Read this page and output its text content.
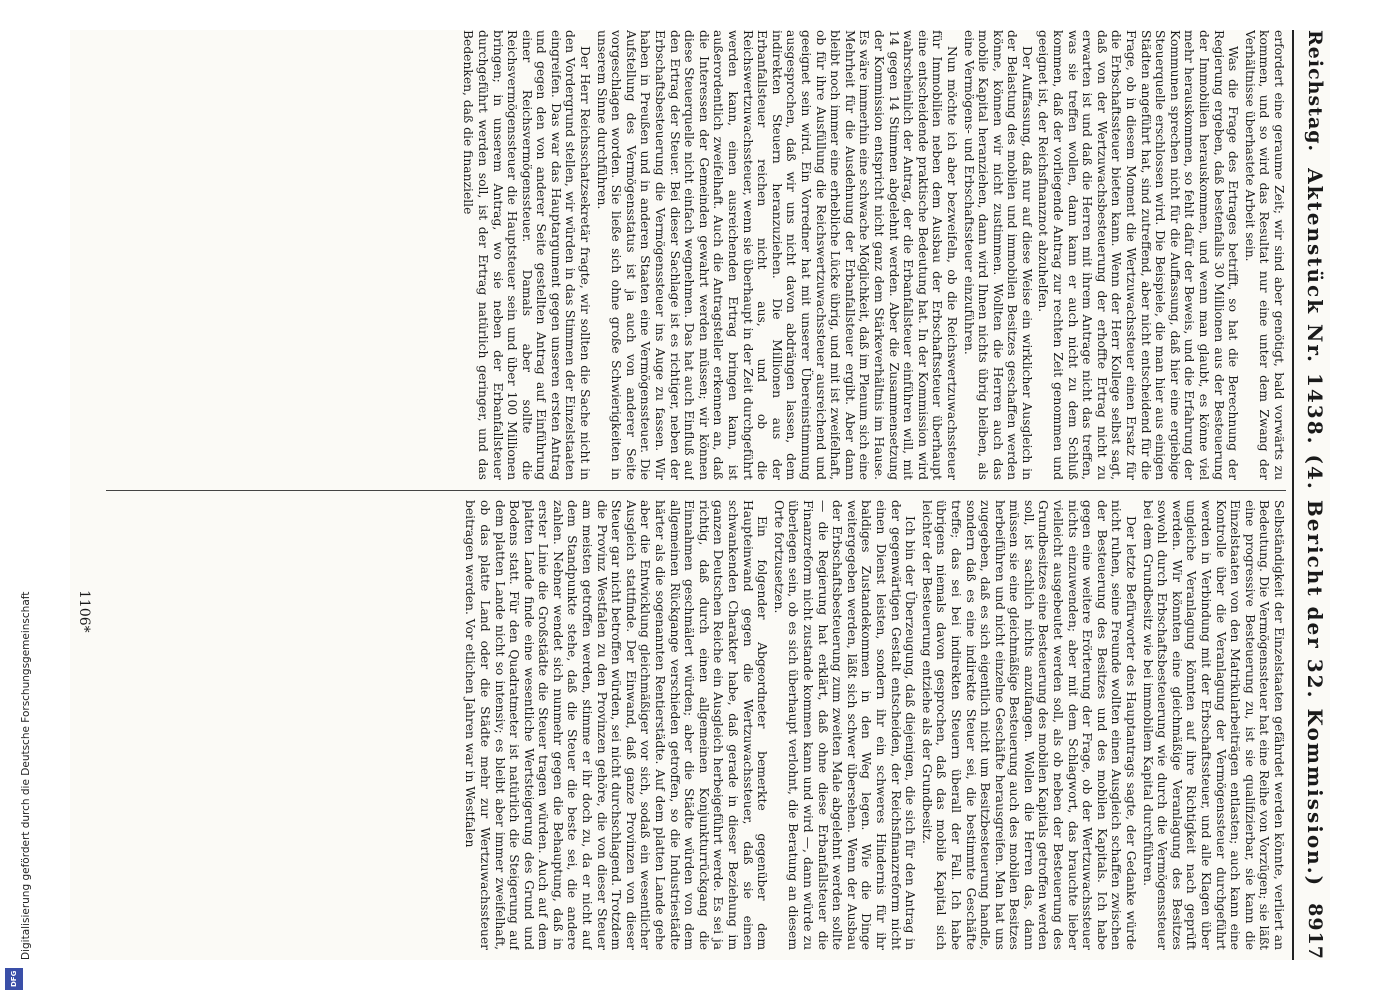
Digitalisierung gefördert durch die Deutsche Forschungsgemeinschaft
DFG
Reichstag.
Aktenstück Nr. 1438. (4. Bericht der 32. Kommission.)
8917

erfordert eine geraume Zeit; wir sind aber genötigt, bald vorwärts zu kommen, und so wird das Resultat nur eine unter dem Zwang der Verhältnisse überhastete Arbeit sein.

Was die Frage des Ertrages betrifft, so hat die Berechnung der Regierung ergeben, daß bestenfalls 30 Millionen aus der Besteuerung der Immobilien herauskommen, und wenn man glaubt, es könne viel mehr herauskommen, so fehlt dafür der Beweis, und die Erfahrung der Kommunen sprechen nicht für die Auffassung, daß hier eine ergiebige Steuerquelle erschlossen wird. Die Beispiele, die man hier aus einigen Städten angeführt hat, sind zutreffend, aber nicht entscheidend für die Frage, ob in diesem Moment die Wertzuwachssteuer einen Ersatz für die Erbschaftssteuer bieten kann. Wenn der Herr Kollege selbst sagt, daß von der Wertzuwachsbesteuerung der erhoffte Ertrag nicht zu erwarten ist und daß die Herren mit ihrem Antrage nicht das treffen, was sie treffen wollen, dann kann er auch nicht zu dem Schluß kommen, daß der vorliegende Antrag zur rechten Zeit genommen und geeignet ist, der Reichsfinanznot abzuhelfen.

Der Auffassung, daß nur auf diese Weise ein wirklicher Ausgleich in der Belastung des mobilen und immobilen Besitzes geschaffen werden könne, können wir nicht zustimmen. Wollten die Herren auch das mobile Kapital heranziehen, dann wird Ihnen nichts übrig bleiben, als eine Vermögens- und Erbschaftssteuer einzuführen.

Nun möchte ich aber bezweifeln, ob die Reichswertzuwachssteuer für Immobilien neben dem Ausbau der Erbschaftssteuer überhaupt eine entscheidende praktische Bedeutung hat. In der Kommission wird wahrscheinlich der Antrag, der die Erbanfallsteuer einführen will, mit 14 gegen 14 Stimmen abgelehnt werden. Aber die Zusammensetzung der Kommission entspricht nicht ganz dem Stärkeverhältnis im Hause. Es wäre immerhin eine schwache Möglichkeit, daß im Plenum sich eine Mehrheit für die Ausdehnung der Erbanfallsteuer ergibt. Aber dann bleibt noch immer eine erhebliche Lücke übrig, und mit ist zweifelhaft, ob für ihre Ausfüllung die Reichswertzuwachssteuer ausreichend und geeignet sein wird. Ein Vorredner hat mit unserer Übereinstimmung ausgesprochen, daß wir uns nicht davon abdrängen lassen, dem indirekten Steuern heranzuziehen. Die Millionen aus der Erbanfallsteuer reichen nicht aus, und ob die Reichswertzuwachssteuer, wenn sie überhaupt in der Zeit durchgeführt werden kann, einen ausreichenden Ertrag bringen kann, ist außerordentlich zweifelhaft. Auch die Antragsteller erkennen an, daß die Interessen der Gemeinden gewahrt werden müssen; wir können diese Steuerquelle nicht einfach wegnehmen. Das hat auch Einfluß auf den Ertrag der Steuer. Bei dieser Sachlage ist es richtiger, neben der Erbschaftsbesteuerung die Vermögenssteuer ins Auge zu fassen. Wir haben in Preußen und in anderen Staaten eine Vermögenssteuer. Die Aufstellung des Vermögensstatus ist ja auch von anderer Seite vorgeschlagen worden. Sie ließe sich ohne große Schwierigkeiten in unserem Sinne durchführen.

Der Herr Reichsschatzsekretär fragte, wir sollten die Sache nicht in den Vordergrund stellen, wir würden in das Stimmen der Einzelstaaten eingreifen. Das war das Hauptargument gegen unseren ersten Antrag und gegen den von anderer Seite gestellten Antrag auf Einführung einer Reichsvermögenssteuer. Damals aber sollte die Reichsvermögenssteuer die Hauptsteuer sein und über 100 Millionen bringen; in unserem Antrag, wo sie neben der Erbanfallsteuer durchgeführt werden soll, ist der Ertrag natürlich geringer, und das Bedenken, daß die finanzielle

Selbständigkeit der Einzelstaaten gefährdet werden könnte, verliert an Bedeutung. Die Vermögenssteuer hat eine Reihe von Vorzügen; sie läßt eine progressive Besteuerung zu, ist sie qualifizierbar, sie kann die Einzelstaaten von den Matrikularbeiträgen entlasten; auch kann eine Kontrolle über die Veranlagung der Vermögenssteuer durchgeführt werden in Verbindung mit der Erbschaftssteuer, und alle Klagen über ungleiche Veranlagung könnten auf ihre Richtigkeit nach geprüft werden. Wir könnten eine gleichmäßige Veranlagung des Besitzes sowohl durch Erbschaftsbesteuerung wie durch die Vermögenssteuer bei dem Grundbesitz wie bei immobilem Kapital durchführen.

Der letzte Befürworter des Hauptantrags sagte, der Gedanke würde nicht ruhen, seine Freunde wollten einen Ausgleich schaffen zwischen der Besteuerung des Besitzes und des mobilen Kapitals. Ich habe gegen eine weitere Erörterung der Frage, ob der Wertzuwachssteuer nichts einzuwenden; aber mit dem Schlagwort, das brauchte lieber vielleicht ausgebeutet werden soll, als ob neben der Besteuerung des Grundbesitzes eine Besteuerung des mobilen Kapitals getroffen werden soll, ist sachlich nichts anzufangen. Wollen die Herren das, dann müssen sie eine gleichmäßige Besteuerung auch des mobilen Besitzes herbeiführen und nicht einzelne Geschäfte herausgreifen. Man hat uns zugegeben, daß es sich eigentlich nicht um Besitzbesteuerung handle, sondern daß es eine indirekte Steuer sei, die bestimmte Geschäfte treffe; das sei bei indirekten Steuern überall der Fall. Ich habe übrigens niemals davon gesprochen, daß das mobile Kapital sich leichter der Besteuerung entziehe als der Grundbesitz.

Ich bin der Überzeugung, daß diejenigen, die sich für den Antrag in der gegenwärtigen Gestalt entscheiden, der Reichsfinanzreform nicht einen Dienst leisten, sondern ihr ein schweres Hindernis für ihr baldiges Zustandekommen in den Weg legen. Wie die Dinge weitergegeben werden, läßt sich schwer übersehen. Wenn der Ausbau der Erbschaftsbesteuerung zum zweiten Male abgelehnt werden sollte — die Regierung hat erklärt, daß ohne diese Erbanfallsteuer die Finanzreform nicht zustande kommen kann und wird —, dann würde zu überlegen sein, ob es sich überhaupt verlohnt, die Beratung an diesem Orte fortzusetzen.

Ein folgender Abgeordneter bemerkte gegenüber dem Haupteinwand gegen die Wertzuwachssteuer, daß sie einen schwankenden Charakter habe, daß gerade in dieser Beziehung im ganzen Deutschen Reiche ein Ausgleich herbeigeführt werde. Es sei ja richtig, daß durch einen allgemeinen Konjunkturrückgang die Einnahmen geschmälert würden; aber die Städte würden von dem allgemeinen Rückgange verschieden getroffen, so die Industriestädte härter als die sogenannten Rentierstädte. Auf dem platten Lande gehe aber die Entwicklung gleichmäßiger vor sich, sodaß ein wesentlicher Ausgleich stattfinde. Der Einwand, daß ganze Provinzen von dieser Steuer gar nicht betroffen würden, sei nicht durchschlagend. Trotzdem die Provinz Westfalen zu den Provinzen gehöre, die von dieser Steuer am meisten getroffen werden, stimme er ihr doch zu, da er nicht auf dem Standpunkte stehe, daß die Steuer die beste sei, die andere zahlen. Nebner wendet sich nunmehr gegen die Behauptung, daß in erster Linie die Großstädte die Steuer tragen würden. Auch auf dem platten Lande finde eine wesentliche Wertsteigerung des Grund und Bodens statt. Für den Quadratmeter ist natürlich die Steigerung auf dem platten Lande nicht so intensiv; es bleibt aber immer zweifelhaft, ob das platte Land oder die Städte mehr zur Wertzuwachssteuer beitragen werden. Vor etlichen Jahren war in Westfalen

1106*
